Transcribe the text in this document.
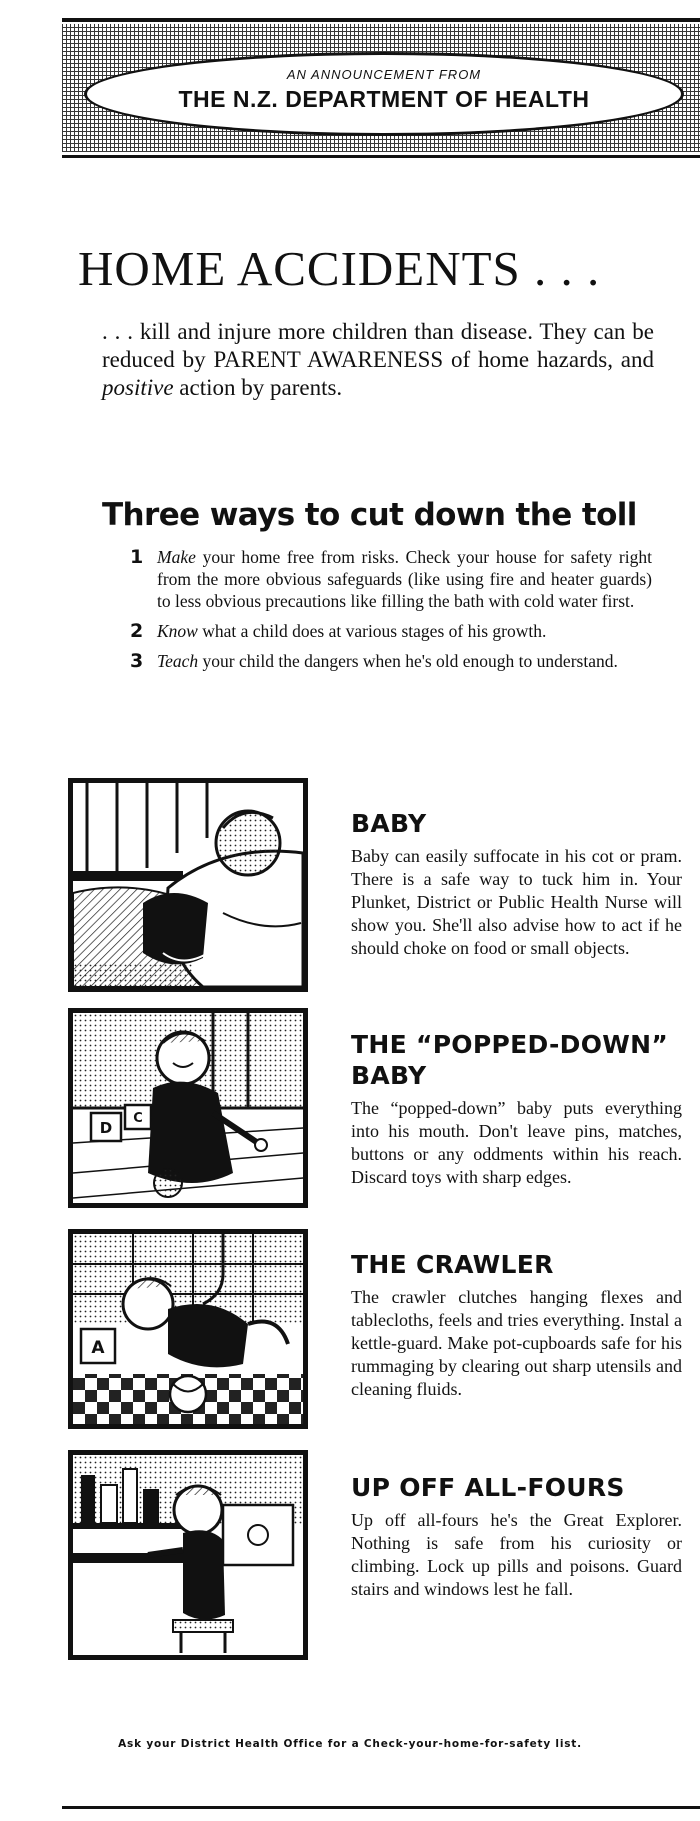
AN ANNOUNCEMENT FROM
THE N.Z. DEPARTMENT OF HEALTH
HOME ACCIDENTS . . .

. . . kill and injure more children than disease. They can be reduced by PARENT AWARENESS of home hazards, and positive action by parents.

Three ways to cut down the toll
1 Make your home free from risks. Check your house for safety right from the more obvious safeguards (like using fire and heater guards) to less obvious precautions like filling the bath with cold water first.
2 Know what a child does at various stages of his growth.
3 Teach your child the dangers when he's old enough to understand.
BABY

Baby can easily suffocate in his cot or pram. There is a safe way to tuck him in. Your Plunket, District or Public Health Nurse will show you. She'll also advise how to act if he should choke on food or small objects.

D
C
THE “POPPED-DOWN” BABY

The “popped-down” baby puts everything into his mouth. Don't leave pins, matches, buttons or any oddments within his reach. Discard toys with sharp edges.

A
THE CRAWLER

The crawler clutches hanging flexes and tablecloths, feels and tries everything. Instal a kettle-guard. Make pot-cupboards safe for his rummaging by clearing out sharp utensils and cleaning fluids.

UP OFF ALL-FOURS

Up off all-fours he's the Great Explorer. Nothing is safe from his curiosity or climbing. Lock up pills and poisons. Guard stairs and windows lest he fall.

Ask your District Health Office for a Check-your-home-for-safety list.
